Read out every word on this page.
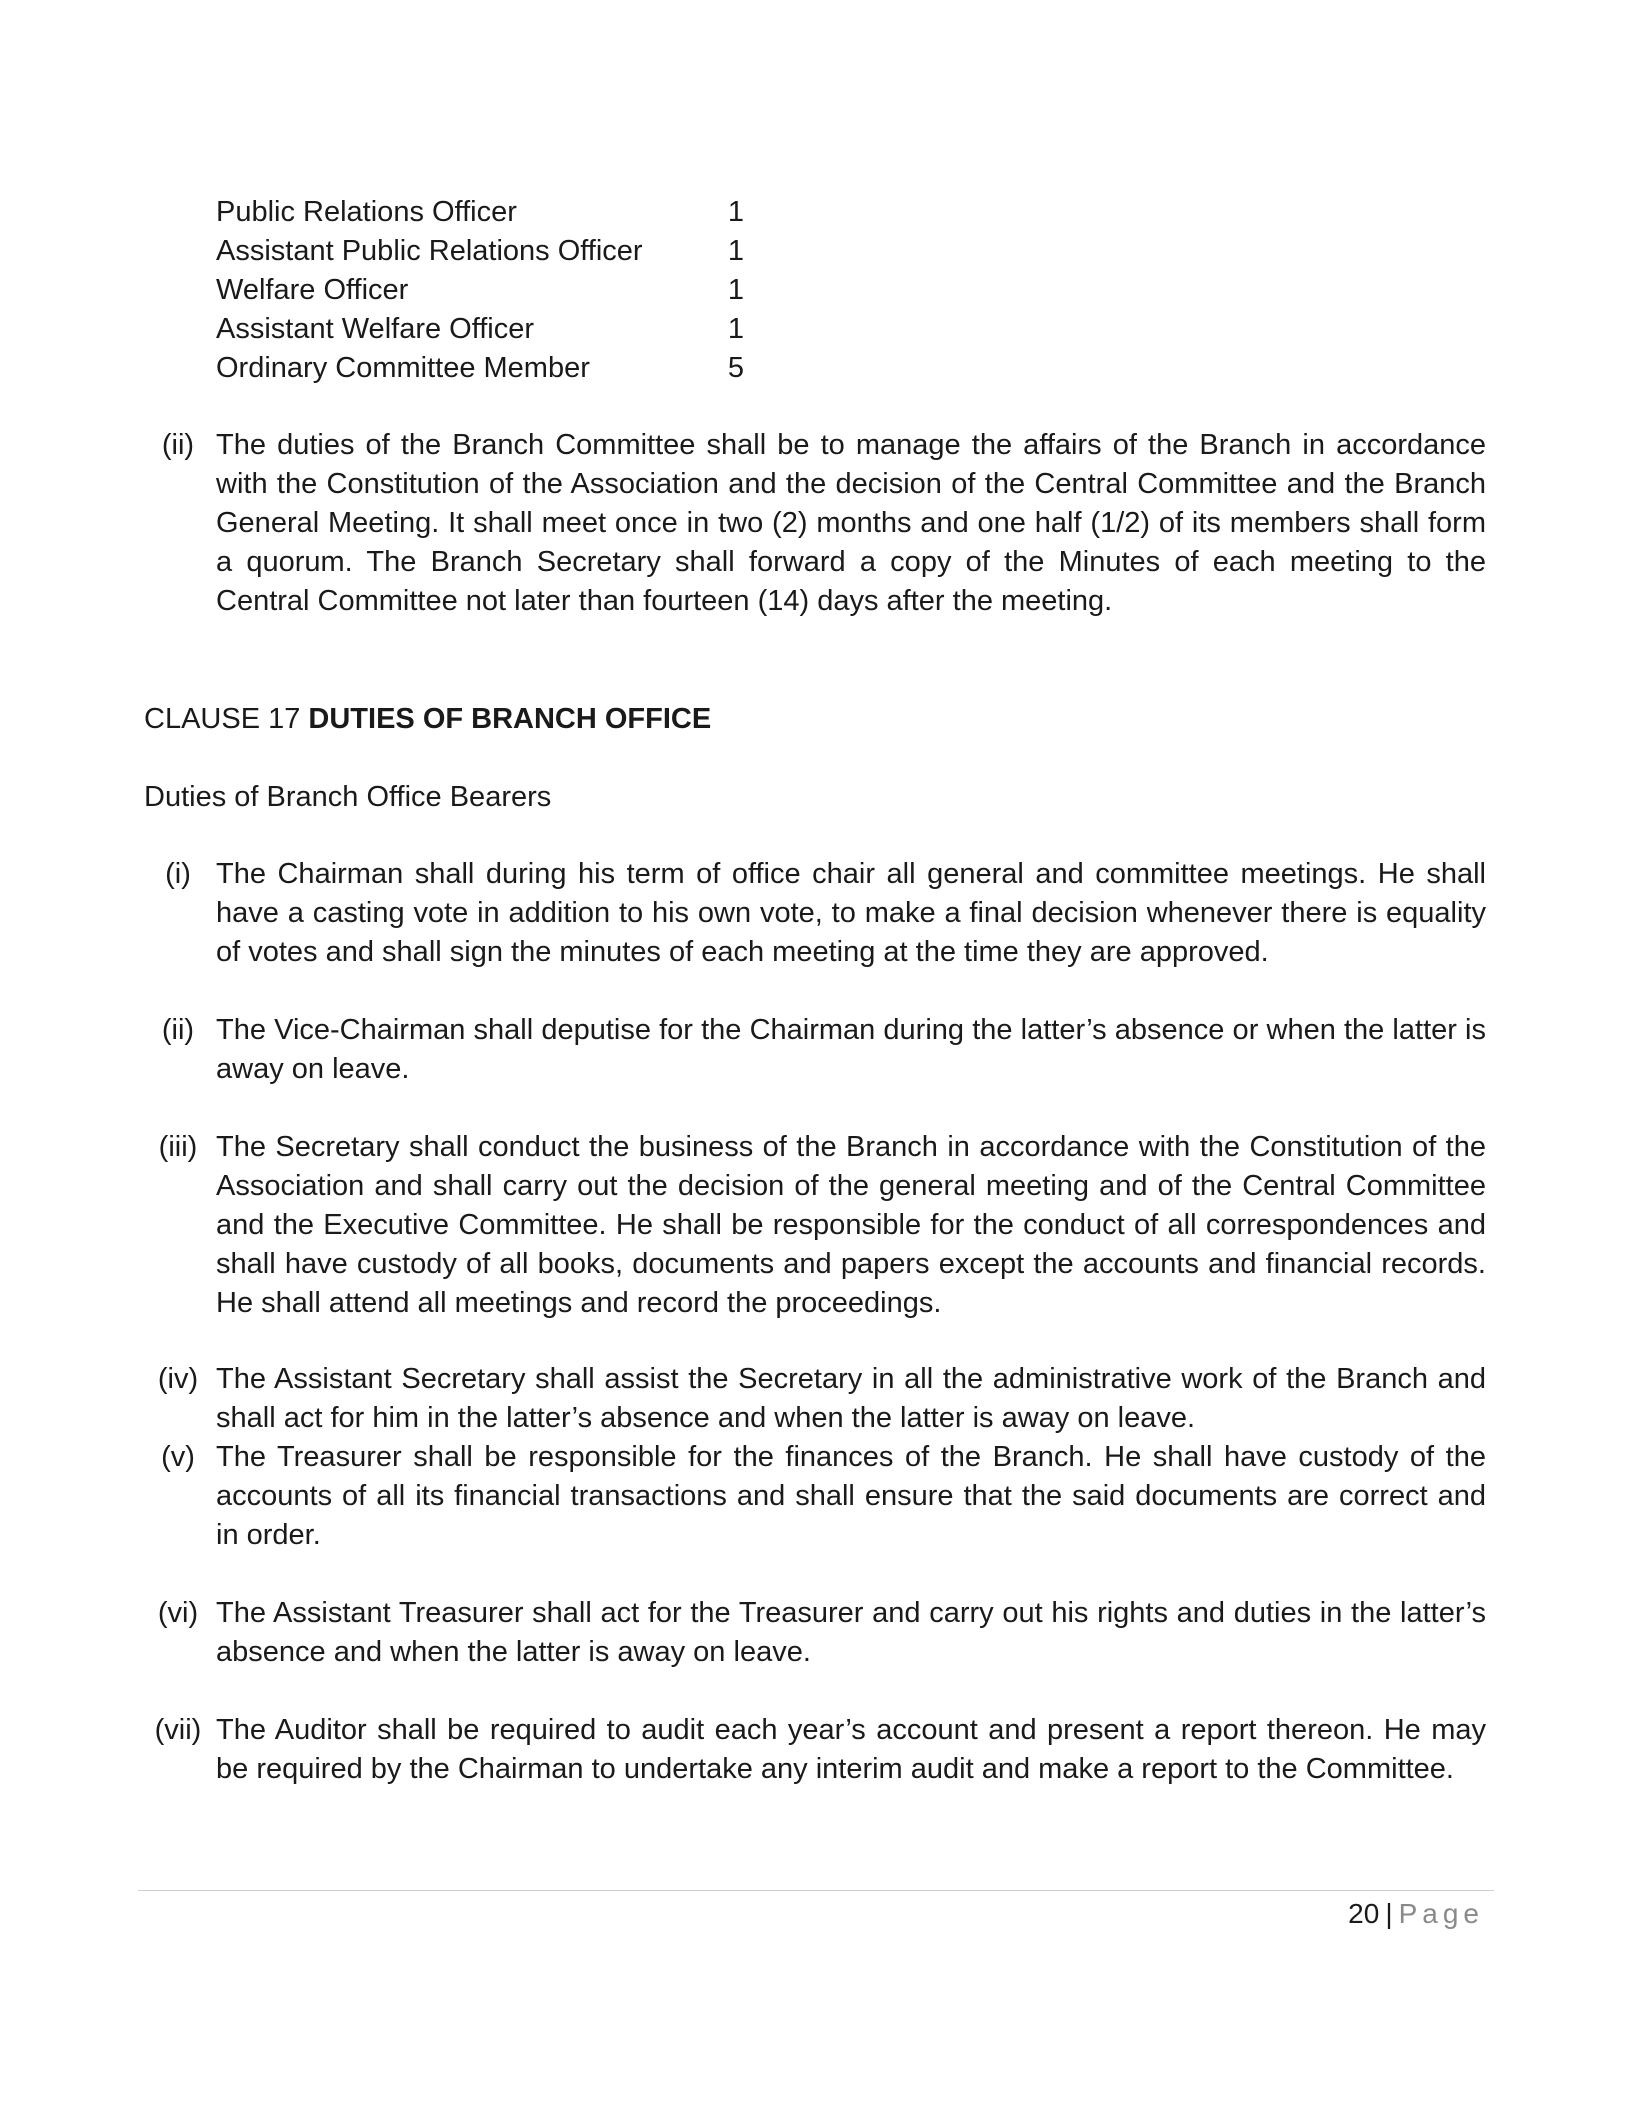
Public Relations Officer	1
Assistant Public Relations Officer	1
Welfare Officer	1
Assistant Welfare Officer	1
Ordinary Committee Member	5
(ii) The duties of the Branch Committee shall be to manage the affairs of the Branch in accordance with the Constitution of the Association and the decision of the Central Committee and the Branch General Meeting. It shall meet once in two (2) months and one half (1/2) of its members shall form a quorum. The Branch Secretary shall forward a copy of the Minutes of each meeting to the Central Committee not later than fourteen (14) days after the meeting.
CLAUSE 17 DUTIES OF BRANCH OFFICE
Duties of Branch Office Bearers
(i) The Chairman shall during his term of office chair all general and committee meetings. He shall have a casting vote in addition to his own vote, to make a final decision whenever there is equality of votes and shall sign the minutes of each meeting at the time they are approved.
(ii) The Vice-Chairman shall deputise for the Chairman during the latter’s absence or when the latter is away on leave.
(iii) The Secretary shall conduct the business of the Branch in accordance with the Constitution of the Association and shall carry out the decision of the general meeting and of the Central Committee and the Executive Committee. He shall be responsible for the conduct of all correspondences and shall have custody of all books, documents and papers except the accounts and financial records. He shall attend all meetings and record the proceedings.
(iv) The Assistant Secretary shall assist the Secretary in all the administrative work of the Branch and shall act for him in the latter’s absence and when the latter is away on leave.
(v) The Treasurer shall be responsible for the finances of the Branch. He shall have custody of the accounts of all its financial transactions and shall ensure that the said documents are correct and in order.
(vi) The Assistant Treasurer shall act for the Treasurer and carry out his rights and duties in the latter’s absence and when the latter is away on leave.
(vii) The Auditor shall be required to audit each year’s account and present a report thereon. He may be required by the Chairman to undertake any interim audit and make a report to the Committee.
20 | Page
